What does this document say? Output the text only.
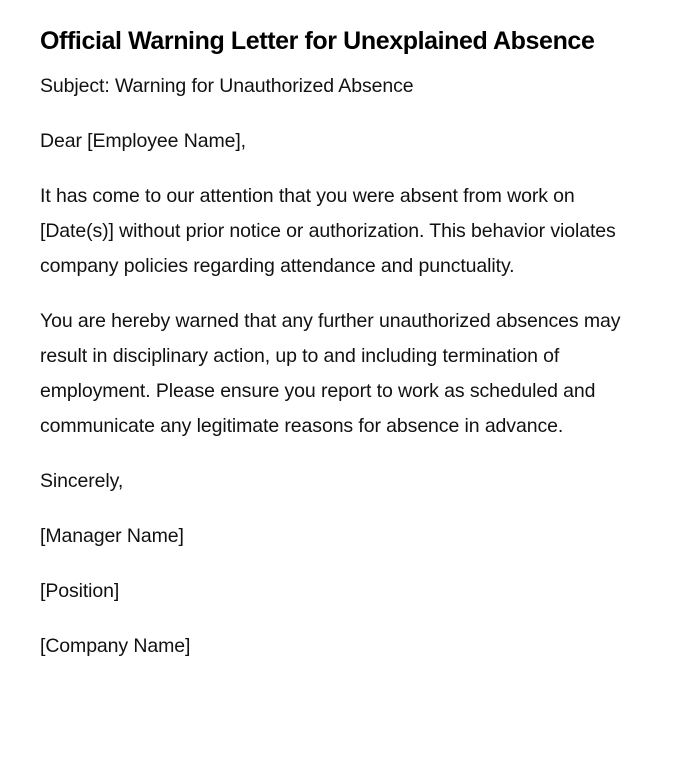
Official Warning Letter for Unexplained Absence

Subject: Warning for Unauthorized Absence

Dear [Employee Name],

It has come to our attention that you were absent from work on [Date(s)] without prior notice or authorization. This behavior violates company policies regarding attendance and punctuality.

You are hereby warned that any further unauthorized absences may result in disciplinary action, up to and including termination of employment. Please ensure you report to work as scheduled and communicate any legitimate reasons for absence in advance.

Sincerely,

[Manager Name]

[Position]

[Company Name]
